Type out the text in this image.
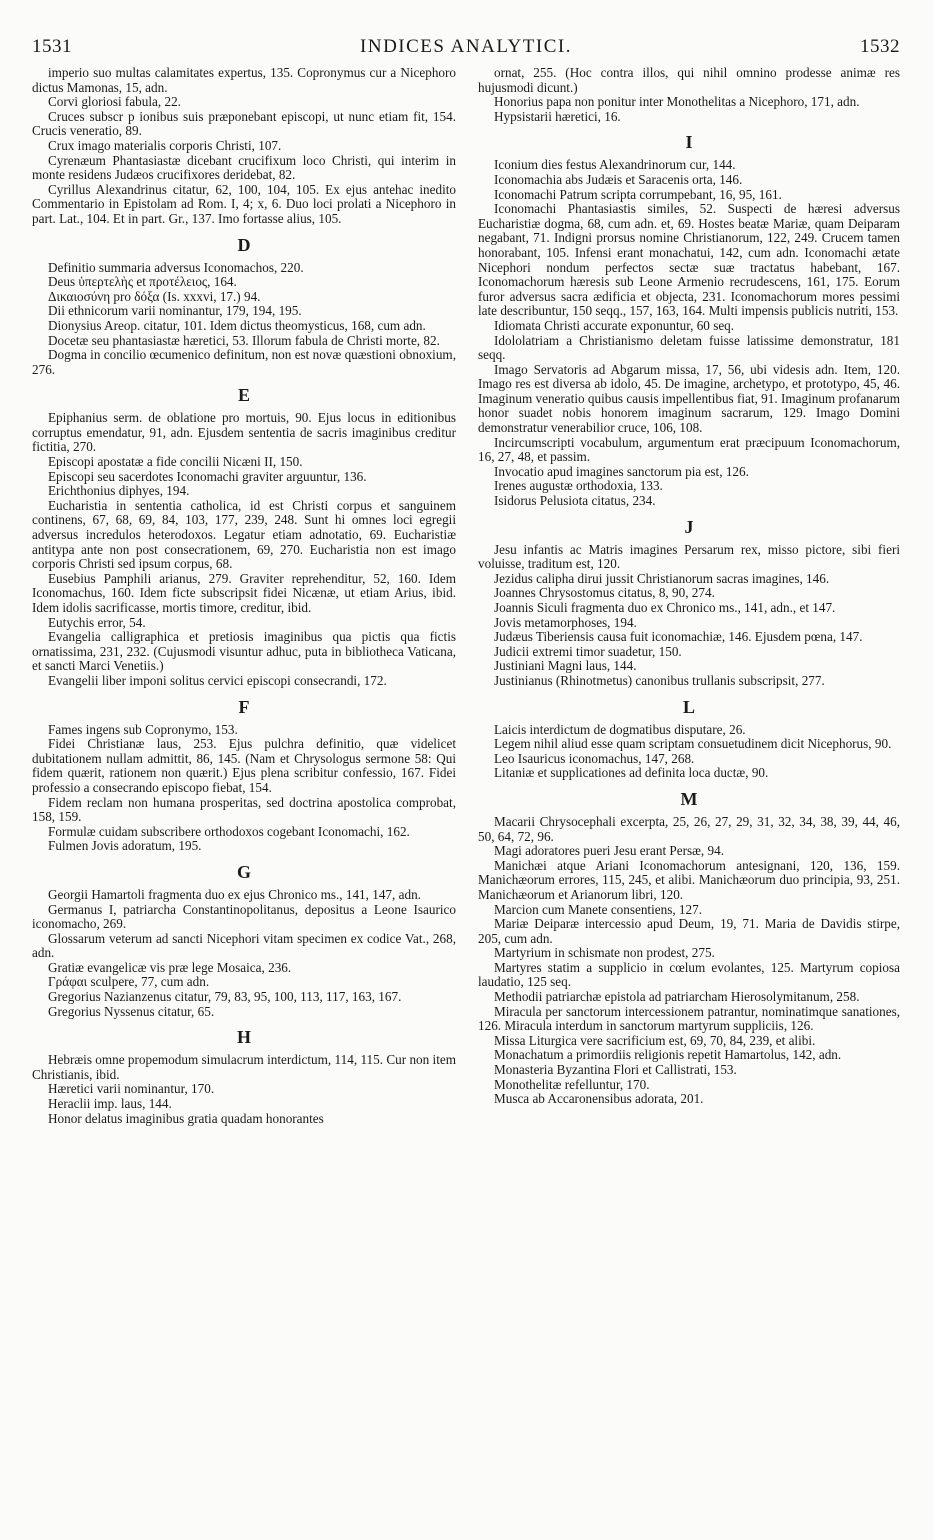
1531	INDICES ANALYTICI.	1532
imperio suo multas calamitates expertus, 135. Copronymus cur a Nicephoro dictus Mamonas, 15, adn.
Corvi gloriosi fabula, 22.
Cruces subscr p ionibus suis præponebant episcopi, ut nunc etiam fit, 154. Crucis veneratio, 89.
Crux imago materialis corporis Christi, 107.
Cyrenæum Phantasiastæ dicebant crucifixum loco Christi, qui interim in monte residens Judæos crucifixores deridebat, 82.
Cyrillus Alexandrinus citatur, 62, 100, 104, 105. Ex ejus antehac inedito Commentario in Epistolam ad Rom. I, 4; x, 6. Duo loci prolati a Nicephoro in part. Lat., 104. Et in part. Gr., 137. Imo fortasse alius, 105.
D
Definitio summaria adversus Iconomachos, 220.
Deus ὑπερτελὴς et προτέλειος, 164.
Δικαιοσύνη pro δόξα (Is. xxxvi, 17.) 94.
Dii ethnicorum varii nominantur, 179, 194, 195.
Dionysius Areop. citatur, 101. Idem dictus theomysticus, 168, cum adn.
Docetæ seu phantasiastæ hæretici, 53. Illorum fabula de Christi morte, 82.
Dogma in concilio œcumenico definitum, non est novæ quæstioni obnoxium, 276.
E
Epiphanius serm. de oblatione pro mortuis, 90. Ejus locus in editionibus corruptus emendatur, 91, adn. Ejusdem sententia de sacris imaginibus creditur fictitia, 270.
Episcopi apostatæ a fide concilii Nicæni II, 150.
Episcopi seu sacerdotes Iconomachi graviter arguuntur, 136.
Erichthonius diphyes, 194.
Eucharistia in sententia catholica, id est Christi corpus et sanguinem continens, 67, 68, 69, 84, 103, 177, 239, 248. Sunt hi omnes loci egregii adversus incredulos heterodoxos. Legatur etiam adnotatio, 69. Eucharistiæ antitypa ante non post consecrationem, 69, 270. Eucharistia non est imago corporis Christi sed ipsum corpus, 68.
Eusebius Pamphili arianus, 279. Graviter reprehenditur, 52, 160. Idem Iconomachus, 160. Idem ficte subscripsit fidei Nicænæ, ut etiam Arius, ibid. Idem idolis sacrificasse, mortis timore, creditur, ibid.
Eutychis error, 54.
Evangelia calligraphica et pretiosis imaginibus qua pictis qua fictis ornatissima, 231, 232. (Cujusmodi visuntur adhuc, puta in bibliotheca Vaticana, et sancti Marci Venetiis.)
Evangelii liber imponi solitus cervici episcopi consecrandi, 172.
F
Fames ingens sub Copronymo, 153.
Fidei Christianæ laus, 253. Ejus pulchra definitio, quæ videlicet dubitationem nullam admittit, 86, 145. (Nam et Chrysologus sermone 58: Qui fidem quærit, rationem non quærit.) Ejus plena scribitur confessio, 167. Fidei professio a consecrando episcopo fiebat, 154.
Fidem reclam non humana prosperitas, sed doctrina apostolica comprobat, 158, 159.
Formulæ cuidam subscribere orthodoxos cogebant Iconomachi, 162.
Fulmen Jovis adoratum, 195.
G
Georgii Hamartoli fragmenta duo ex ejus Chronico ms., 141, 147, adn.
Germanus I, patriarcha Constantinopolitanus, depositus a Leone Isaurico iconomacho, 269.
Glossarum veterum ad sancti Nicephori vitam specimen ex codice Vat., 268, adn.
Gratiæ evangelicæ vis præ lege Mosaica, 236.
Γράφαι sculpere, 77, cum adn.
Gregorius Nazianzenus citatur, 79, 83, 95, 100, 113, 117, 163, 167.
Gregorius Nyssenus citatur, 65.
H
Hebræis omne propemodum simulacrum interdictum, 114, 115. Cur non item Christianis, ibid.
Hæretici varii nominantur, 170.
Heraclii imp. laus, 144.
Honor delatus imaginibus gratia quadam honorantes
ornat, 255. (Hoc contra illos, qui nihil omnino prodesse animæ res hujusmodi dicunt.)
Honorius papa non ponitur inter Monothelitas a Nicephoro, 171, adn.
Hypsistarii hæretici, 16.
I
Iconium dies festus Alexandrinorum cur, 144.
Iconomachia abs Judæis et Saracenis orta, 146.
Iconomachi Patrum scripta corrumpebant, 16, 95, 161.
Iconomachi Phantasiastis similes, 52. Suspecti de hæresi adversus Eucharistiæ dogma, 68, cum adn. et, 69. Hostes beatæ Mariæ, quam Deiparam negabant, 71. Indigni prorsus nomine Christianorum, 122, 249. Crucem tamen honorabant, 105. Infensi erant monachatui, 142, cum adn. Iconomachi ætate Nicephori nondum perfectos sectæ suæ tractatus habebant, 167. Iconomachorum hæresis sub Leone Armenio recrudescens, 161, 175. Eorum furor adversus sacra ædificia et objecta, 231. Iconomachorum mores pessimi late describuntur, 150 seqq., 157, 163, 164. Multi impensis publicis nutriti, 153.
Idiomata Christi accurate exponuntur, 60 seq.
Idololatriam a Christianismo deletam fuisse latissime demonstratur, 181 seqq.
Imago Servatoris ad Abgarum missa, 17, 56, ubi videsis adn. Item, 120. Imago res est diversa ab idolo, 45. De imagine, archetypo, et prototypo, 45, 46. Imaginum veneratio quibus causis impellentibus fiat, 91. Imaginum profanarum honor suadet nobis honorem imaginum sacrarum, 129. Imago Domini demonstratur venerabilior cruce, 106, 108.
Incircumscripti vocabulum, argumentum erat præcipuum Iconomachorum, 16, 27, 48, et passim.
Invocatio apud imagines sanctorum pia est, 126.
Irenes augustæ orthodoxia, 133.
Isidorus Pelusiota citatus, 234.
J
Jesu infantis ac Matris imagines Persarum rex, misso pictore, sibi fieri voluisse, traditum est, 120.
Jezidus calipha dirui jussit Christianorum sacras imagines, 146.
Joannes Chrysostomus citatus, 8, 90, 274.
Joannis Siculi fragmenta duo ex Chronico ms., 141, adn., et 147.
Jovis metamorphoses, 194.
Judæus Tiberiensis causa fuit iconomachiæ, 146. Ejusdem pœna, 147.
Judicii extremi timor suadetur, 150.
Justiniani Magni laus, 144.
Justinianus (Rhinotmetus) canonibus trullanis subscripsit, 277.
L
Laicis interdictum de dogmatibus disputare, 26.
Legem nihil aliud esse quam scriptam consuetudinem dicit Nicephorus, 90.
Leo Isauricus iconomachus, 147, 268.
Litaniæ et supplicationes ad definita loca ductæ, 90.
M
Macarii Chrysocephali excerpta, 25, 26, 27, 29, 31, 32, 34, 38, 39, 44, 46, 50, 64, 72, 96.
Magi adoratores pueri Jesu erant Persæ, 94.
Manichæi atque Ariani Iconomachorum antesignani, 120, 136, 159. Manichæorum errores, 115, 245, et alibi. Manichæorum duo principia, 93, 251. Manichæorum et Arianorum libri, 120.
Marcion cum Manete consentiens, 127.
Mariæ Deiparæ intercessio apud Deum, 19, 71. Maria de Davidis stirpe, 205, cum adn.
Martyrium in schismate non prodest, 275.
Martyres statim a supplicio in cœlum evolantes, 125. Martyrum copiosa laudatio, 125 seq.
Methodii patriarchæ epistola ad patriarcham Hierosolymitanum, 258.
Miracula per sanctorum intercessionem patrantur, nominatimque sanationes, 126. Miracula interdum in sanctorum martyrum suppliciis, 126.
Missa Liturgica vere sacrificium est, 69, 70, 84, 239, et alibi.
Monachatum a primordiis religionis repetit Hamartolus, 142, adn.
Monasteria Byzantina Flori et Callistrati, 153.
Monothelitæ refelluntur, 170.
Musca ab Accaronensibus adorata, 201.
